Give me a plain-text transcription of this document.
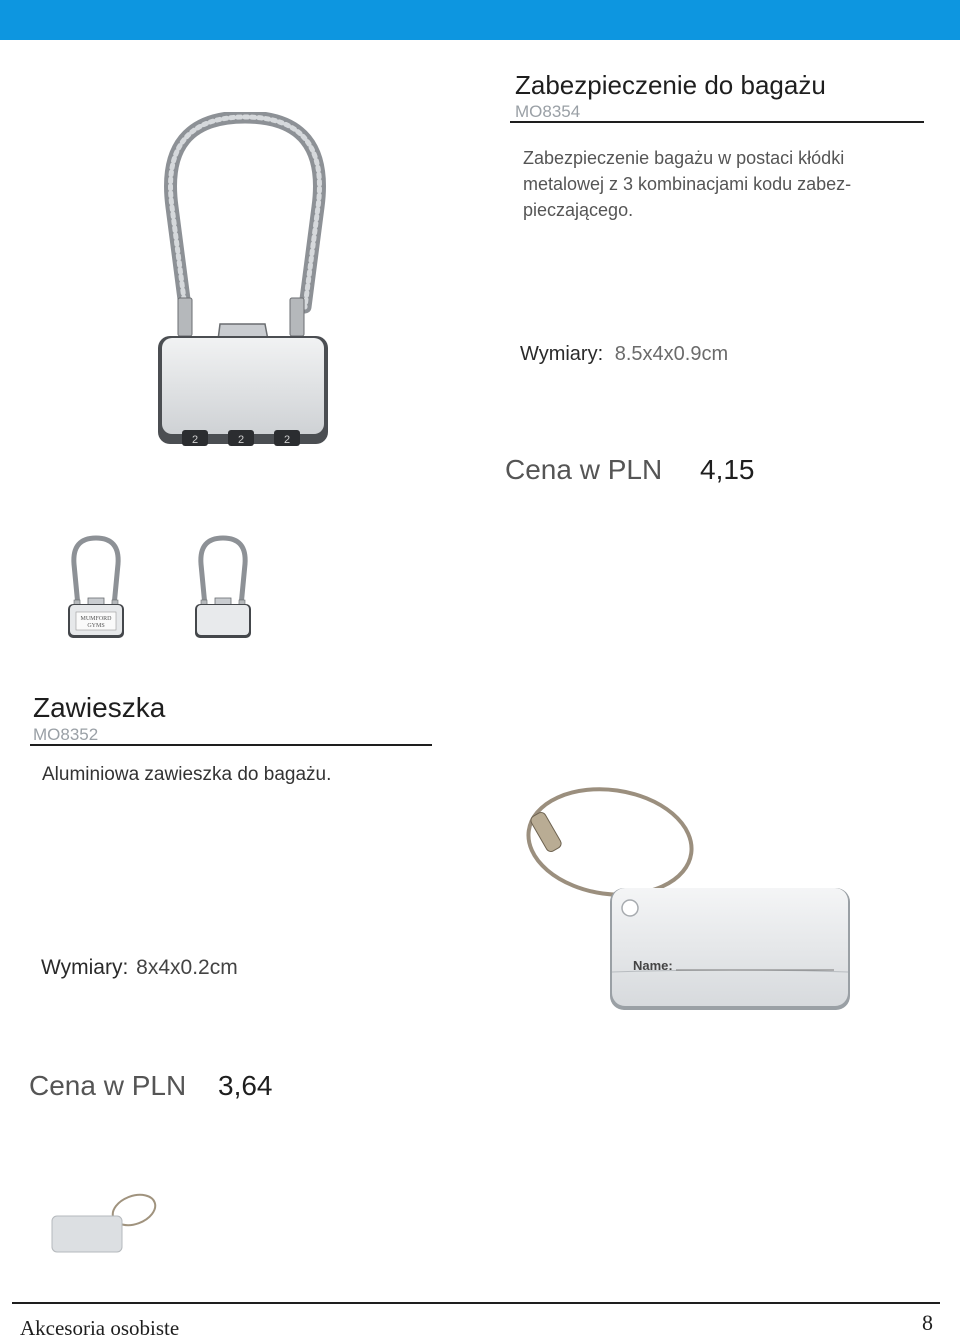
2	2	2
Zabezpieczenie do bagażu
MO8354
Zabezpieczenie bagażu w postaci kłódki
metalowej z 3 kombinacjami kodu zabez-
pieczającego.
Wymiary: 8.5x4x0.9cm
Cena w PLN 4,15
MUMFORD
GYMS
Zawieszka
MO8352
Aluminiowa zawieszka do bagażu.
Name:
Wymiary: 8x4x0.2cm
Cena w PLN 3,64
Akcesoria osobiste	8
